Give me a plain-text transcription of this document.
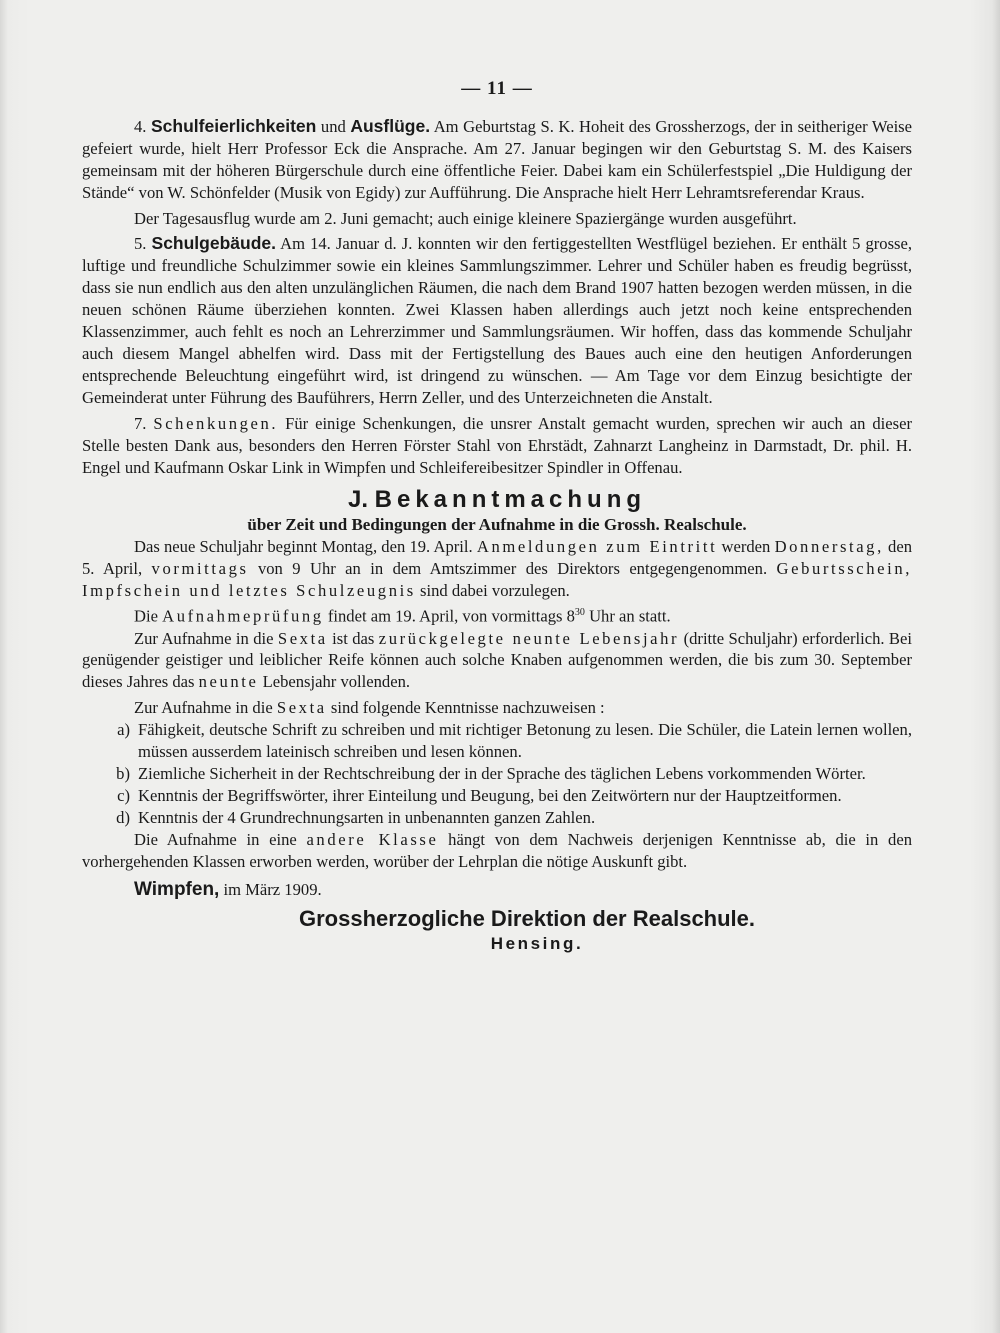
— 11 —

4. Schulfeierlichkeiten und Ausflüge. Am Geburtstag S. K. Hoheit des Grossherzogs, der in seitheriger Weise gefeiert wurde, hielt Herr Professor Eck die Ansprache. Am 27. Januar begingen wir den Geburtstag S. M. des Kaisers gemeinsam mit der höheren Bürgerschule durch eine öffentliche Feier. Dabei kam ein Schülerfestspiel „Die Huldigung der Stände“ von W. Schönfelder (Musik von Egidy) zur Aufführung. Die Ansprache hielt Herr Lehramtsreferendar Kraus.

Der Tagesausflug wurde am 2. Juni gemacht; auch einige kleinere Spaziergänge wurden ausgeführt.

5. Schulgebäude. Am 14. Januar d. J. konnten wir den fertiggestellten Westflügel beziehen. Er enthält 5 grosse, luftige und freundliche Schulzimmer sowie ein kleines Sammlungszimmer. Lehrer und Schüler haben es freudig begrüsst, dass sie nun endlich aus den alten unzulänglichen Räumen, die nach dem Brand 1907 hatten bezogen werden müssen, in die neuen schönen Räume überziehen konnten. Zwei Klassen haben allerdings auch jetzt noch keine entsprechenden Klassenzimmer, auch fehlt es noch an Lehrerzimmer und Sammlungsräumen. Wir hoffen, dass das kommende Schuljahr auch diesem Mangel abhelfen wird. Dass mit der Fertigstellung des Baues auch eine den heutigen Anforderungen entsprechende Beleuchtung eingeführt wird, ist dringend zu wünschen. — Am Tage vor dem Einzug besichtigte der Gemeinderat unter Führung des Bauführers, Herrn Zeller, und des Unterzeichneten die Anstalt.

7. Schenkungen. Für einige Schenkungen, die unsrer Anstalt gemacht wurden, sprechen wir auch an dieser Stelle besten Dank aus, besonders den Herren Förster Stahl von Ehrstädt, Zahnarzt Langheinz in Darmstadt, Dr. phil. H. Engel und Kaufmann Oskar Link in Wimpfen und Schleifereibesitzer Spindler in Offenau.

J. Bekanntmachung
über Zeit und Bedingungen der Aufnahme in die Grossh. Realschule.

Das neue Schuljahr beginnt Montag, den 19. April. Anmeldungen zum Eintritt werden Donnerstag, den 5. April, vormittags von 9 Uhr an in dem Amtszimmer des Direktors entgegengenommen. Geburtsschein, Impfschein und letztes Schulzeugnis sind dabei vorzulegen.

Die Aufnahmeprüfung findet am 19. April, von vormittags $8^{30}$ Uhr an statt.

Zur Aufnahme in die Sexta ist das zurückgelegte neunte Lebensjahr (dritte Schuljahr) erforderlich. Bei genügender geistiger und leiblicher Reife können auch solche Knaben aufgenommen werden, die bis zum 30. September dieses Jahres das neunte Lebensjahr vollenden.

Zur Aufnahme in die Sexta sind folgende Kenntnisse nachzuweisen :

a) Fähigkeit, deutsche Schrift zu schreiben und mit richtiger Betonung zu lesen. Die Schüler, die Latein lernen wollen, müssen ausserdem lateinisch schreiben und lesen können.
b) Ziemliche Sicherheit in der Rechtschreibung der in der Sprache des täglichen Lebens vorkommenden Wörter.
c) Kenntnis der Begriffswörter, ihrer Einteilung und Beugung, bei den Zeitwörtern nur der Hauptzeitformen.
d) Kenntnis der 4 Grundrechnungsarten in unbenannten ganzen Zahlen.

Die Aufnahme in eine andere Klasse hängt von dem Nachweis derjenigen Kenntnisse ab, die in den vorhergehenden Klassen erworben werden, worüber der Lehrplan die nötige Auskunft gibt.

Wimpfen, im März 1909.

Grossherzogliche Direktion der Realschule.
Hensing.
